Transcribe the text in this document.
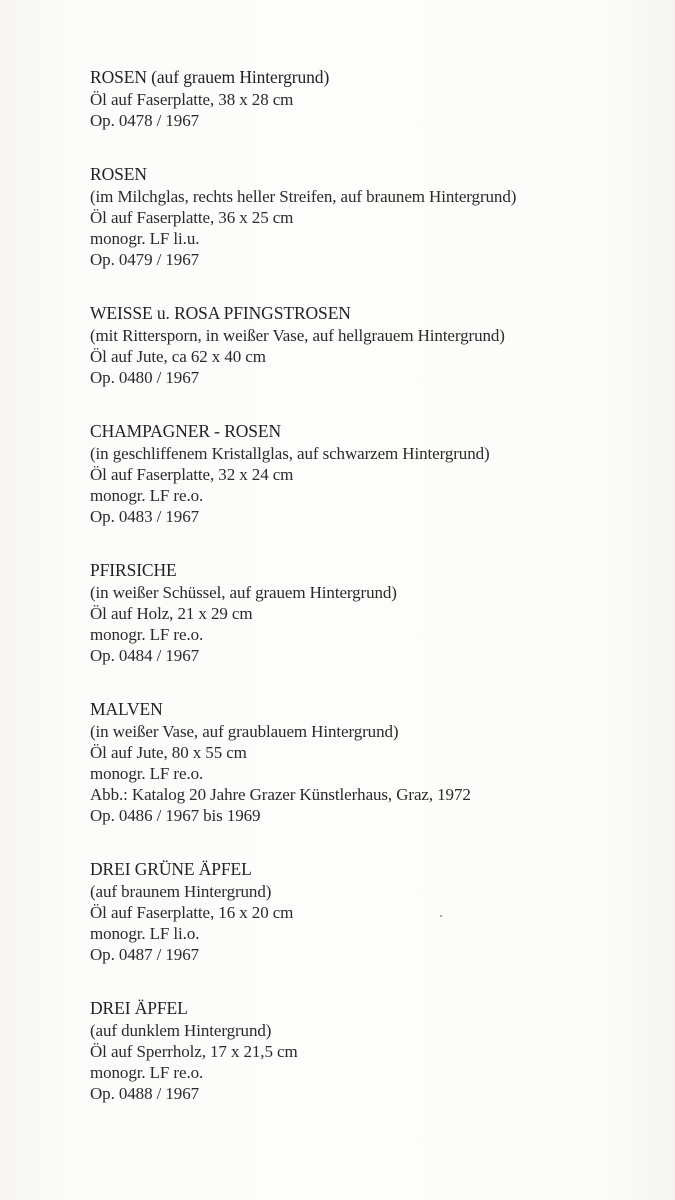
ROSEN (auf grauem Hintergrund)
Öl auf Faserplatte, 38 x 28 cm
Op. 0478 / 1967
ROSEN
(im Milchglas, rechts heller Streifen, auf braunem Hintergrund)
Öl auf Faserplatte, 36 x 25 cm
monogr. LF li.u.
Op. 0479 / 1967
WEISSE u. ROSA PFINGSTROSEN
(mit Rittersporn, in weißer Vase, auf hellgrauem Hintergrund)
Öl auf Jute, ca 62 x 40 cm
Op. 0480 / 1967
CHAMPAGNER - ROSEN
(in geschliffenem Kristallglas, auf schwarzem Hintergrund)
Öl auf Faserplatte, 32 x 24 cm
monogr. LF re.o.
Op. 0483 / 1967
PFIRSICHE
(in weißer Schüssel, auf grauem Hintergrund)
Öl auf Holz, 21 x 29 cm
monogr. LF re.o.
Op. 0484 / 1967
MALVEN
(in weißer Vase, auf graublauem Hintergrund)
Öl auf Jute, 80 x 55 cm
monogr. LF re.o.
Abb.: Katalog 20 Jahre Grazer Künstlerhaus, Graz, 1972
Op. 0486 / 1967 bis 1969
DREI GRÜNE ÄPFEL
(auf braunem Hintergrund)
Öl auf Faserplatte, 16 x 20 cm
monogr. LF li.o.
Op. 0487 / 1967
DREI ÄPFEL
(auf dunklem Hintergrund)
Öl auf Sperrholz, 17 x 21,5 cm
monogr. LF re.o.
Op. 0488 / 1967
